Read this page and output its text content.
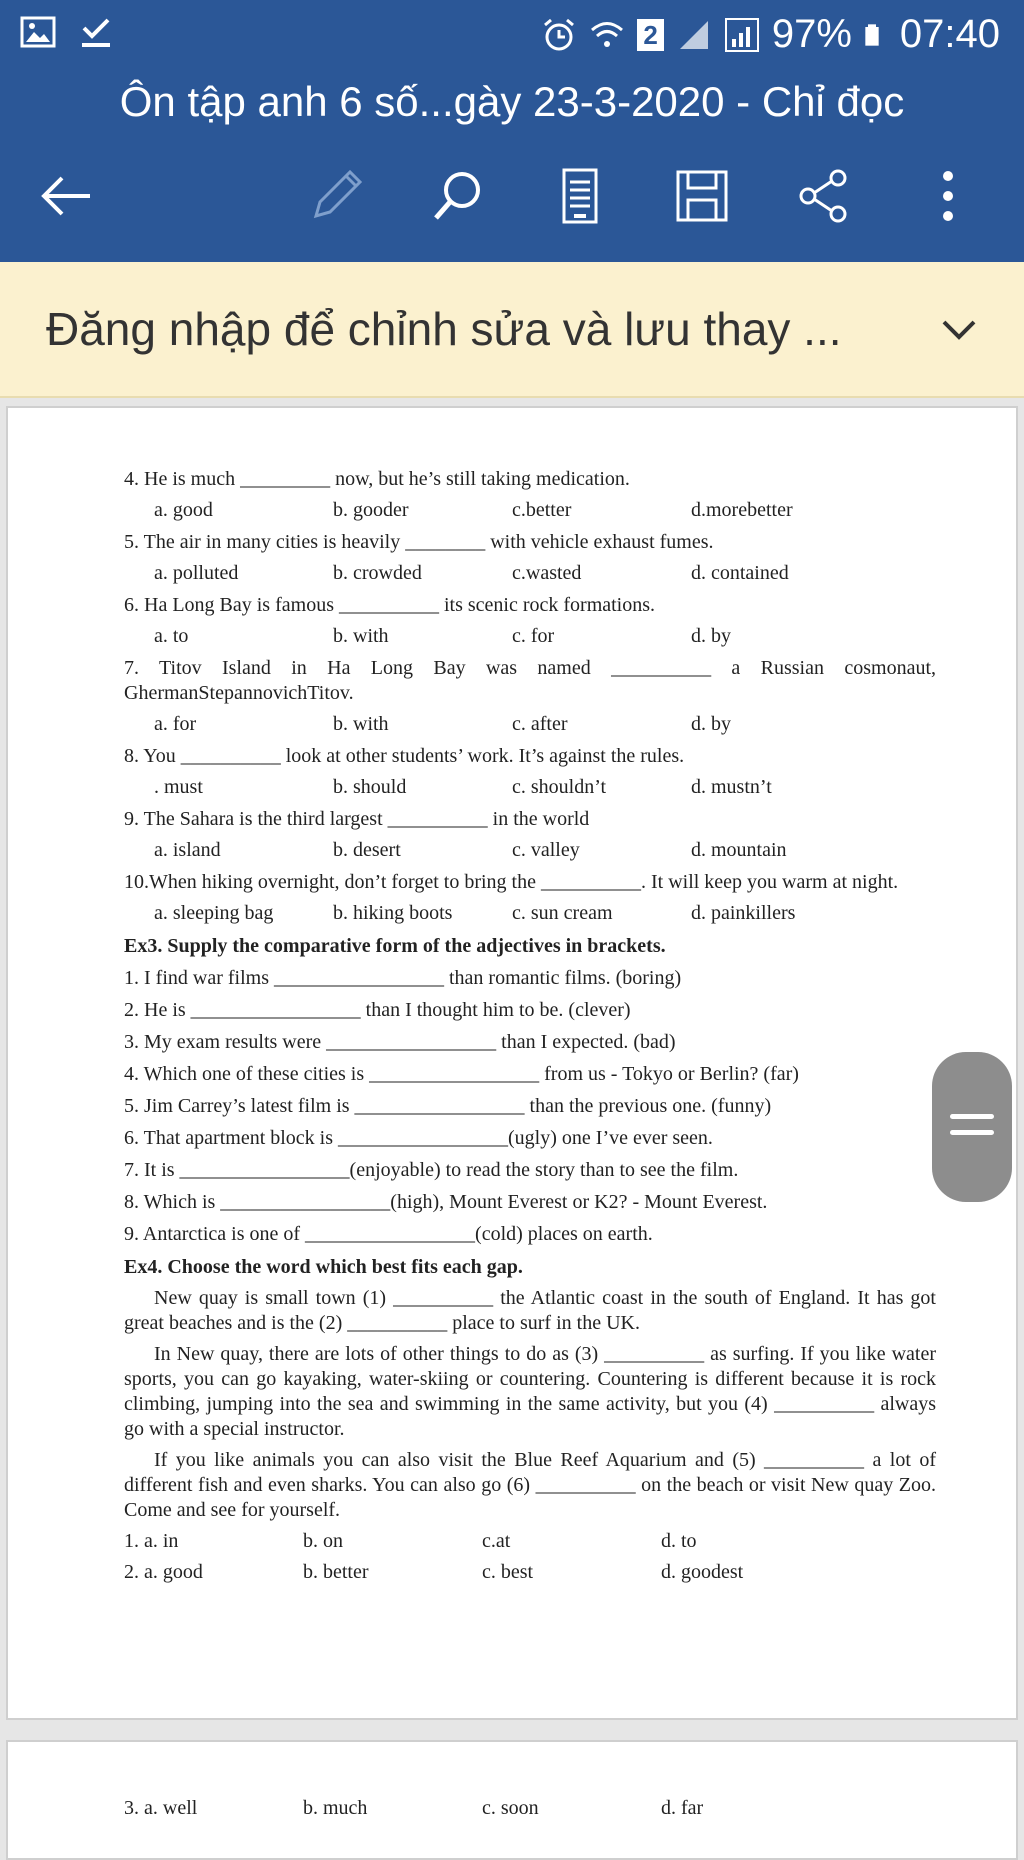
2	97% 07:40
Ôn tập anh 6 số...gày 23-3-2020 - Chỉ đọc
Đăng nhập để chỉnh sửa và lưu thay ...
4. He is much _________ now, but he’s still taking medication.
a. good	b. gooder	c.better	d.morebetter
5. The air in many cities is heavily ________ with vehicle exhaust fumes.
a. polluted	b. crowded	c.wasted	d. contained
6. Ha Long Bay is famous __________ its scenic rock formations.
a. to	b. with	c. for	d. by
7. Titov Island in Ha Long Bay was named __________ a Russian cosmonaut, GhermanStepannovichTitov.
a. for	b. with	c. after	d. by
8. You __________ look at other students’ work. It’s against the rules.
. must	b. should	c. shouldn’t	d. mustn’t
9. The Sahara is the third largest __________ in the world
a. island	b. desert	c. valley	d. mountain
10.When hiking overnight, don’t forget to bring the __________. It will keep you warm at night.
a. sleeping bag	b. hiking boots	c. sun cream	d. painkillers
Ex3. Supply the comparative form of the adjectives in brackets.
1. I find war films _________________ than romantic films. (boring)
2. He is _________________ than I thought him to be. (clever)
3. My exam results were _________________ than I expected. (bad)
4. Which one of these cities is _________________ from us - Tokyo or Berlin? (far)
5. Jim Carrey’s latest film is _________________ than the previous one. (funny)
6. That apartment block is _________________(ugly) one I’ve ever seen.
7. It is _________________(enjoyable) to read the story than to see the film.
8. Which is _________________(high), Mount Everest or K2? - Mount Everest.
9. Antarctica is one of _________________(cold) places on earth.
Ex4. Choose the word which best fits each gap.
New quay is small town (1) __________ the Atlantic coast in the south of England. It has got great beaches and is the (2) __________ place to surf in the UK.
In New quay, there are lots of other things to do as (3) __________ as surfing. If you like water sports, you can go kayaking, water-skiing or countering. Countering is different because it is rock climbing, jumping into the sea and swimming in the same activity, but you (4) __________ always go with a special instructor.
If you like animals you can also visit the Blue Reef Aquarium and (5) __________ a lot of different fish and even sharks. You can also go (6) __________ on the beach or visit New quay Zoo. Come and see for yourself.
1. a. in	b. on	c.at	d. to
2. a. good	b. better	c. best	d. goodest
3. a. well	b. much	c. soon	d. far
